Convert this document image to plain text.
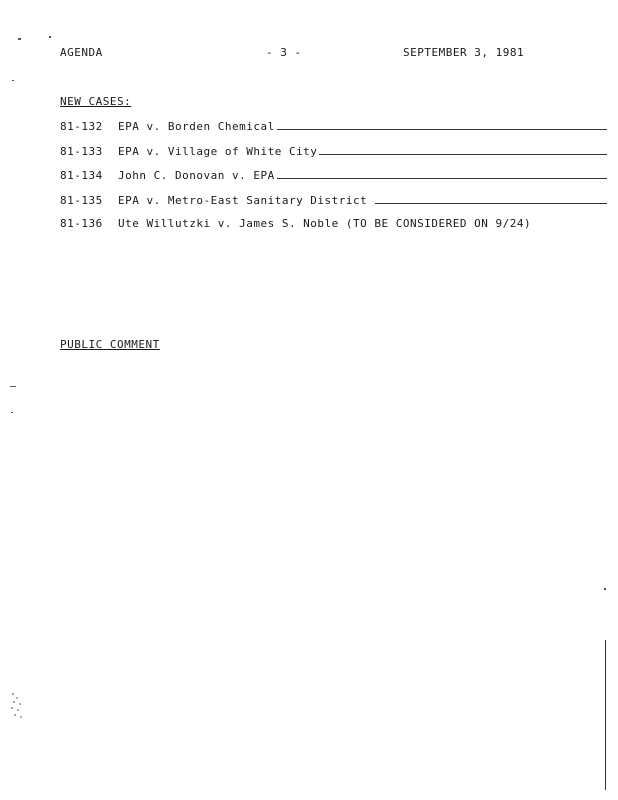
AGENDA	- 3 -	SEPTEMBER 3, 1981
NEW CASES:
81-132	EPA v. Borden Chemical
81-133	EPA v. Village of White City
81-134	John C. Donovan v. EPA
81-135	EPA v. Metro-East Sanitary District
81-136	Ute Willutzki v. James S. Noble (TO BE CONSIDERED ON 9/24)
PUBLIC COMMENT
